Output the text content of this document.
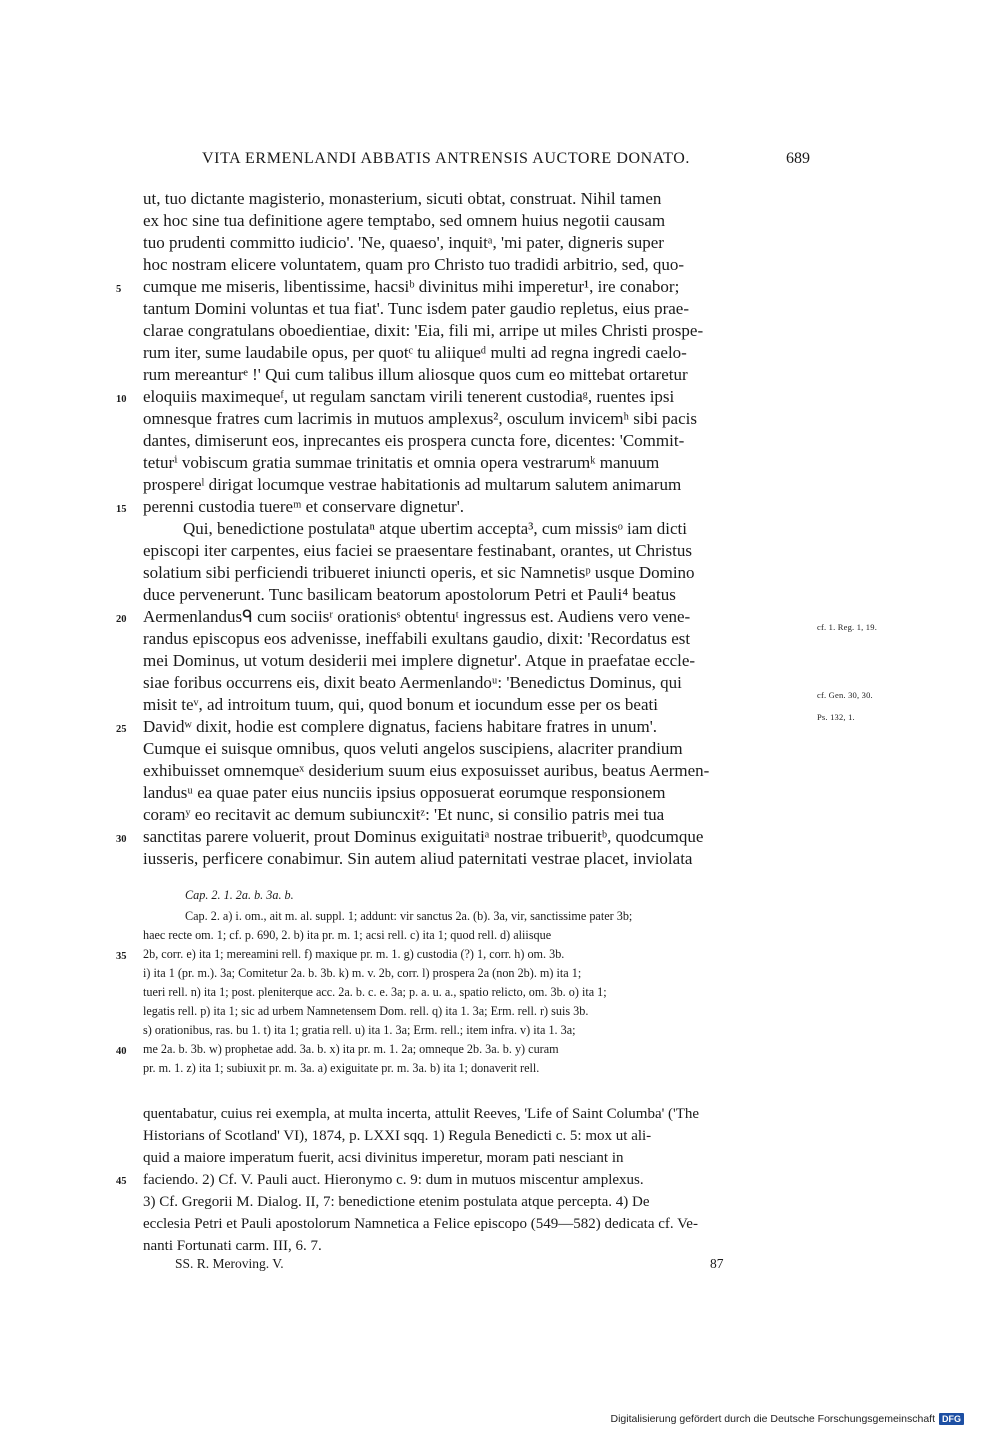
VITA ERMENLANDI ABBATIS ANTRENSIS AUCTORE DONATO.	689
ut, tuo dictante magisterio, monasterium, sicuti obtat, construat. Nihil tamen
ex hoc sine tua definitione agere temptabo, sed omnem huius negotii causam
tuo prudenti committo iudicio'. 'Ne, quaeso', inquitᵃ, 'mi pater, digneris super
hoc nostram elicere voluntatem, quam pro Christo tuo tradidi arbitrio, sed, quo-
cumque me miseris, libentissime, hacsiᵇ divinitus mihi imperetur¹, ire conabor;
tantum Domini voluntas et tua fiat'. Tunc isdem pater gaudio repletus, eius prae-
clarae congratulans oboedientiae, dixit: 'Eia, fili mi, arripe ut miles Christi prospe-
rum iter, sume laudabile opus, per quotᶜ tu aliiqueᵈ multi ad regna ingredi caelo-
rum mereanturᵉ !' Qui cum talibus illum aliosque quos cum eo mittebat ortaretur
eloquiis maximequeᶠ, ut regulam sanctam virili tenerent custodiaᵍ, ruentes ipsi
omnesque fratres cum lacrimis in mutuos amplexus², osculum invicemʰ sibi pacis
dantes, dimiserunt eos, inprecantes eis prospera cuncta fore, dicentes: 'Commit-
teturⁱ vobiscum gratia summae trinitatis et omnia opera vestrarumᵏ manuum
prospereˡ dirigat locumque vestrae habitationis ad multarum salutem animarum
perenni custodia tuereᵐ et conservare dignetur'.
Qui, benedictione postulataⁿ atque ubertim accepta³, cum missisᵒ iam dicti
episcopi iter carpentes, eius faciei se praesentare festinabant, orantes, ut Christus
solatium sibi perficiendi tribueret iniuncti operis, et sic Namnetisᵖ usque Domino
duce pervenerunt. Tunc basilicam beatorum apostolorum Petri et Pauli⁴ beatus
Aermenlandusᑫ cum sociisʳ orationisˢ obtentuᵗ ingressus est. Audiens vero vene-
randus episcopus eos advenisse, ineffabili exultans gaudio, dixit: 'Recordatus est
mei Dominus, ut votum desiderii mei implere dignetur'. Atque in praefatae eccle-
siae foribus occurrens eis, dixit beato Aermenlandoᵘ: 'Benedictus Dominus, qui
misit teᵛ, ad introitum tuum, qui, quod bonum et iocundum esse per os beati
Davidʷ dixit, hodie est complere dignatus, faciens habitare fratres in unum'.
Cumque ei suisque omnibus, quos veluti angelos suscipiens, alacriter prandium
exhibuisset omnemqueˣ desiderium suum eius exposuisset auribus, beatus Aermen-
landusᵘ ea quae pater eius nunciis ipsius opposuerat eorumque responsionem
coramʸ eo recitavit ac demum subiuncxitᶻ: 'Et nunc, si consilio patris mei tua
sanctitas parere voluerit, prout Dominus exiguitatiᵃ nostrae tribueritᵇ, quodcumque
iusseris, perficere conabimur. Sin autem aliud paternitati vestrae placet, inviolata
5
10
15
20
25
30
cf. 1. Reg. 1, 19.
cf. Gen. 30, 30.
Ps. 132, 1.
Cap. 2. 1. 2a. b. 3a. b.
Cap. 2. a) i. om., ait m. al. suppl. 1; addunt: vir sanctus 2a. (b). 3a, vir, sanctissime pater 3b;
haec recte om. 1; cf. p. 690, 2. b) ita pr. m. 1; acsi rell. c) ita 1; quod rell. d) aliisque
2b, corr. e) ita 1; mereamini rell. f) maxique pr. m. 1. g) custodia (?) 1, corr. h) om. 3b.
i) ita 1 (pr. m.). 3a; Comitetur 2a. b. 3b. k) m. v. 2b, corr. l) prospera 2a (non 2b). m) ita 1;
tueri rell. n) ita 1; post. pleniterque acc. 2a. b. c. e. 3a; p. a. u. a., spatio relicto, om. 3b. o) ita 1;
legatis rell. p) ita 1; sic ad urbem Namnetensem Dom. rell. q) ita 1. 3a; Erm. rell. r) suis 3b.
s) orationibus, ras. bu 1. t) ita 1; gratia rell. u) ita 1. 3a; Erm. rell.; item infra. v) ita 1. 3a;
me 2a. b. 3b. w) prophetae add. 3a. b. x) ita pr. m. 1. 2a; omneque 2b. 3a. b. y) curam
pr. m. 1. z) ita 1; subiuxit pr. m. 3a. a) exiguitate pr. m. 3a. b) ita 1; donaverit rell.
35
40
quentabatur, cuius rei exempla, at multa incerta, attulit Reeves, 'Life of Saint Columba' ('The
Historians of Scotland' VI), 1874, p. LXXI sqq. 1) Regula Benedicti c. 5: mox ut ali-
quid a maiore imperatum fuerit, acsi divinitus imperetur, moram pati nesciant in
faciendo. 2) Cf. V. Pauli auct. Hieronymo c. 9: dum in mutuos miscentur amplexus.
3) Cf. Gregorii M. Dialog. II, 7: benedictione etenim postulata atque percepta. 4) De
ecclesia Petri et Pauli apostolorum Namnetica a Felice episcopo (549—582) dedicata cf. Ve-
nanti Fortunati carm. III, 6. 7.
45
SS. R. Meroving. V.	87
Digitalisierung gefördert durch die Deutsche Forschungsgemeinschaft DFG
